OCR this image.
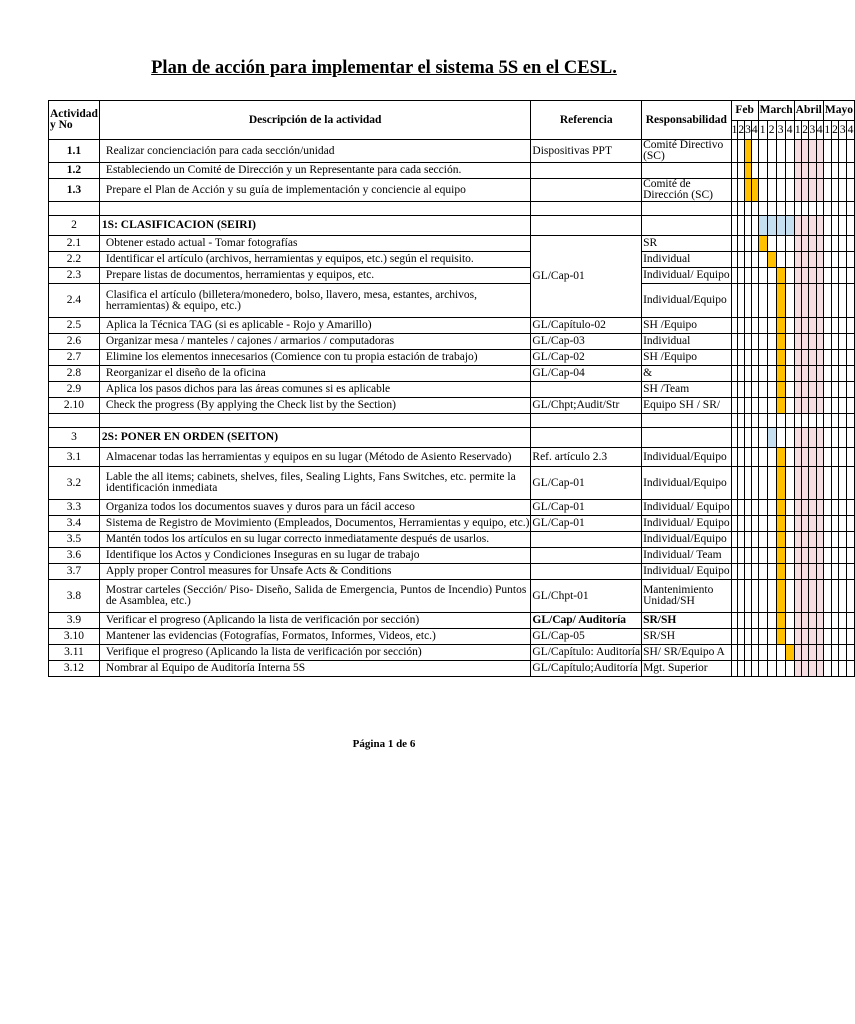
Plan de acción para implementar el sistema 5S en el CESL.
Actividad y No	Descripción de la actividad	Referencia	Responsabilidad	Feb				March				Abril				Mayo			
				1	2	3	4	1	2	3	4	1	2	3	4	1	2	3	4
1.1	Realizar concienciación para cada sección/unidad	Dispositivas PPT	Comité Directivo (SC)																
1.2	Estableciendo un Comité de Dirección y un Representante para cada sección.																		
1.3	Prepare el Plan de Acción y su guía de implementación y conciencie al equipo		Comité de Dirección (SC)																

2	1S: CLASIFICACION (SEIRI)																		
2.1	Obtener estado actual - Tomar fotografías	GL/Cap-01	SR																
2.2	Identificar el artículo (archivos, herramientas y equipos, etc.) según el requisito.		Individual																
2.3	Prepare listas de documentos, herramientas y equipos, etc.		Individual/ Equipo																
2.4	Clasifica el artículo (billetera/monedero, bolso, llavero, mesa, estantes, archivos, herramientas) & equipo, etc.)		Individual/Equipo																
2.5	Aplica la Técnica TAG (si es aplicable - Rojo y Amarillo)	GL/Capítulo-02	SH /Equipo																
2.6	Organizar mesa / manteles / cajones / armarios / computadoras	GL/Cap-03	Individual																
2.7	Elimine los elementos innecesarios (Comience con tu propia estación de trabajo)	GL/Cap-02	SH /Equipo																
2.8	Reorganizar el diseño de la oficina	GL/Cap-04	&																
2.9	Aplica los pasos dichos para las áreas comunes si es aplicable		SH /Team																
2.10	Check the progress (By applying the Check list by the Section)	GL/Chpt;Audit/Str	Equipo SH / SR/																

3	2S: PONER EN ORDEN (SEITON)																		
3.1	Almacenar todas las herramientas y equipos en su lugar (Método de Asiento Reservado)	Ref. artículo 2.3	Individual/Equipo																
3.2	Lable the all items; cabinets, shelves, files, Sealing Lights, Fans Switches, etc. permite la identificación inmediata	GL/Cap-01	Individual/Equipo																
3.3	Organiza todos los documentos suaves y duros para un fácil acceso	GL/Cap-01	Individual/ Equipo																
3.4	Sistema de Registro de Movimiento (Empleados, Documentos, Herramientas y equipo, etc.)	GL/Cap-01	Individual/ Equipo																
3.5	Mantén todos los artículos en su lugar correcto inmediatamente después de usarlos.		Individual/Equipo																
3.6	Identifique los Actos y Condiciones Inseguras en su lugar de trabajo		Individual/ Team																
3.7	Apply proper Control measures for Unsafe Acts & Conditions		Individual/ Equipo																
3.8	Mostrar carteles (Sección/ Piso- Diseño, Salida de Emergencia, Puntos de Incendio) Puntos de Asamblea, etc.)	GL/Chpt-01	Mantenimiento Unidad/SH																
3.9	Verificar el progreso (Aplicando la lista de verificación por sección)	GL/Cap/ Auditoría	SR/SH																
3.10	Mantener las evidencias (Fotografías, Formatos, Informes, Videos, etc.)	GL/Cap-05	SR/SH																
3.11	Verifique el progreso (Aplicando la lista de verificación por sección)	GL/Capítulo: Auditoría	SH/ SR/Equipo A																
3.12	Nombrar al Equipo de Auditoría Interna 5S	GL/Capítulo;Auditoría	Mgt. Superior																
Página 1 de 6
